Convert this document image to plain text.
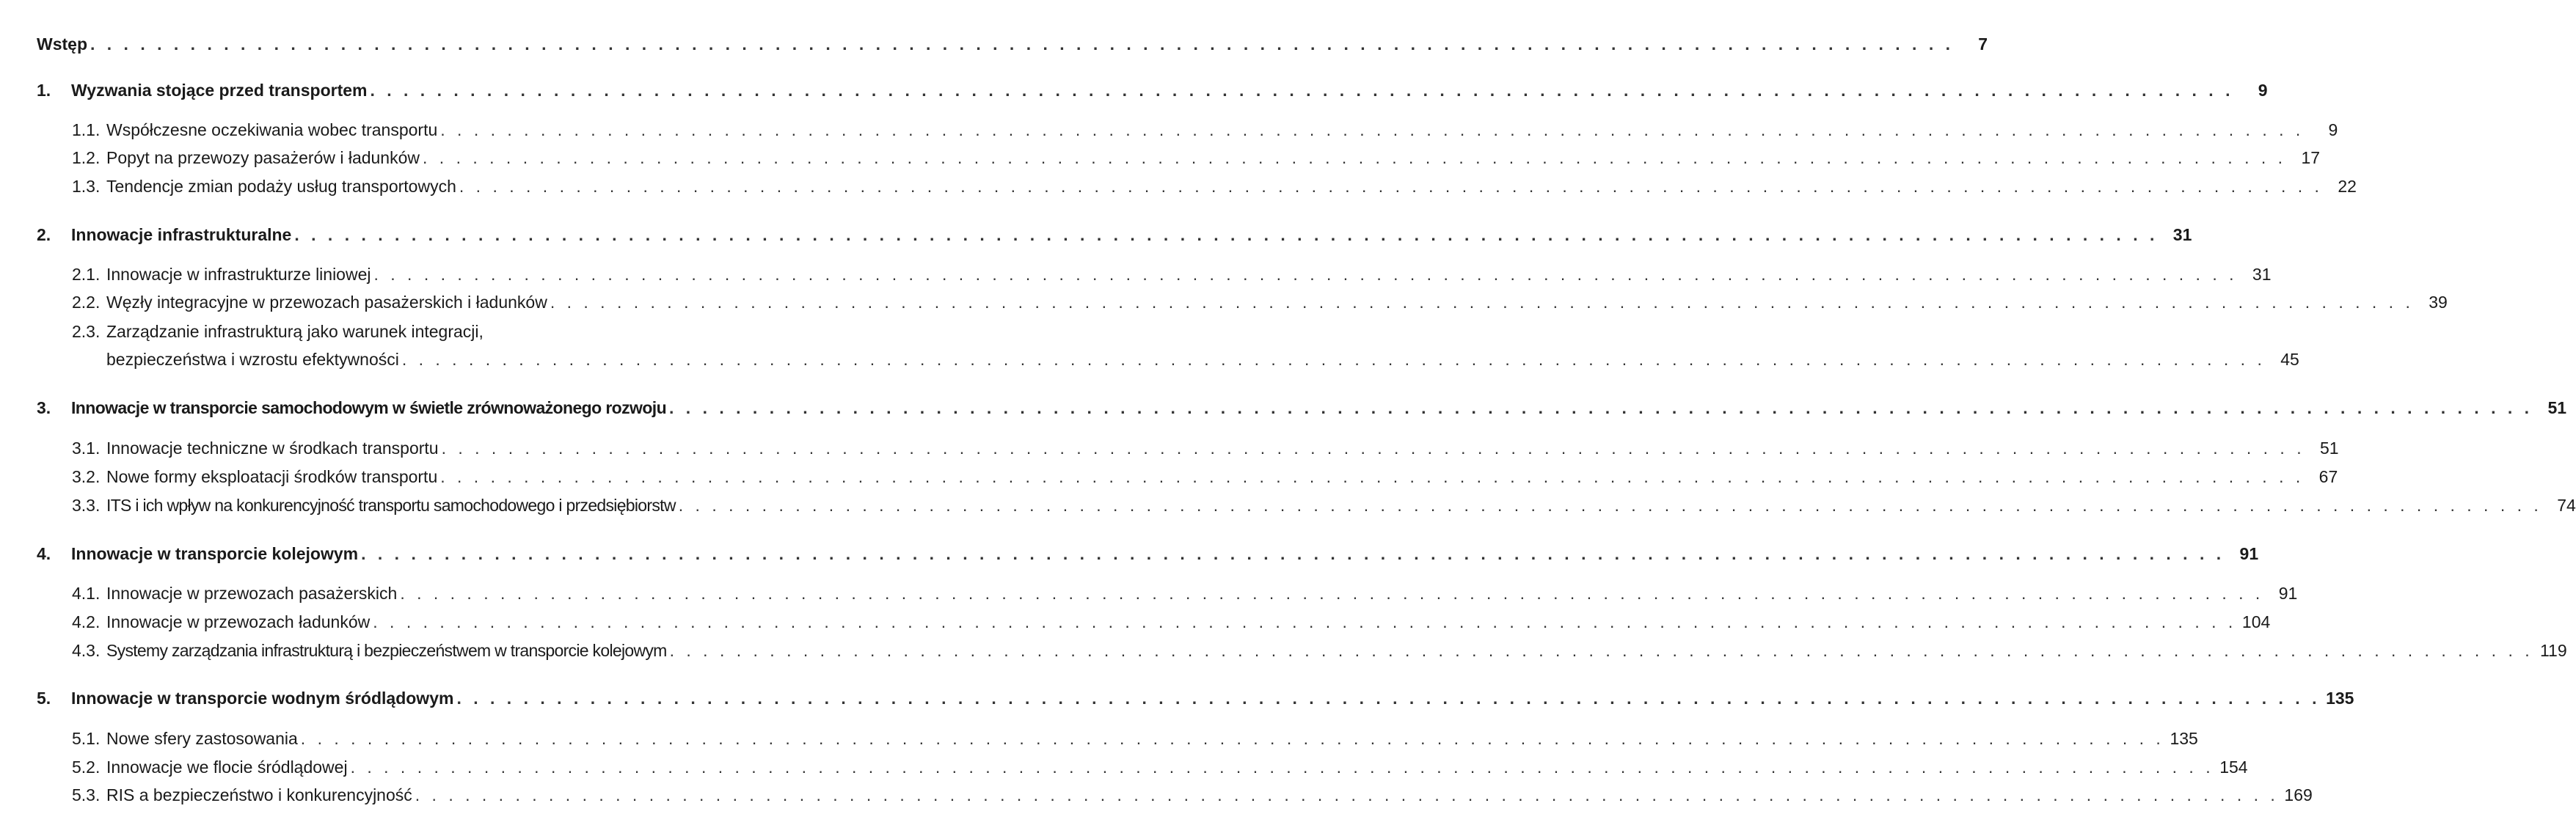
Wstęp . . .	7
1.	Wyzwania stojące przed transportem . . .	9
1.1. Współczesne oczekiwania wobec transportu . . .	9
1.2. Popyt na przewozy pasażerów i ładunków . . .	17
1.3. Tendencje zmian podaży usług transportowych . . .	22
2.	Innowacje infrastrukturalne . . .	31
2.1. Innowacje w infrastrukturze liniowej . . .	31
2.2. Węzły integracyjne w przewozach pasażerskich i ładunków . . .	39
2.3. Zarządzanie infrastrukturą jako warunek integracji,
bezpieczeństwa i wzrostu efektywności . . .	45
3.	Innowacje w transporcie samochodowym w świetle zrównoważonego rozwoju . . .	51
3.1. Innowacje techniczne w środkach transportu . . .	51
3.2. Nowe formy eksploatacji środków transportu . . .	67
3.3. ITS i ich wpływ na konkurencyjność transportu samochodowego i przedsiębiorstw . . .	74
4.	Innowacje w transporcie kolejowym . . .	91
4.1. Innowacje w przewozach pasażerskich . . .	91
4.2. Innowacje w przewozach ładunków . . .	104
4.3. Systemy zarządzania infrastrukturą i bezpieczeństwem w transporcie kolejowym . . .	119
5.	Innowacje w transporcie wodnym śródlądowym . . .	135
5.1. Nowe sfery zastosowania . . .	135
5.2. Innowacje we flocie śródlądowej . . .	154
5.3. RIS a bezpieczeństwo i konkurencyjność . . .	169
